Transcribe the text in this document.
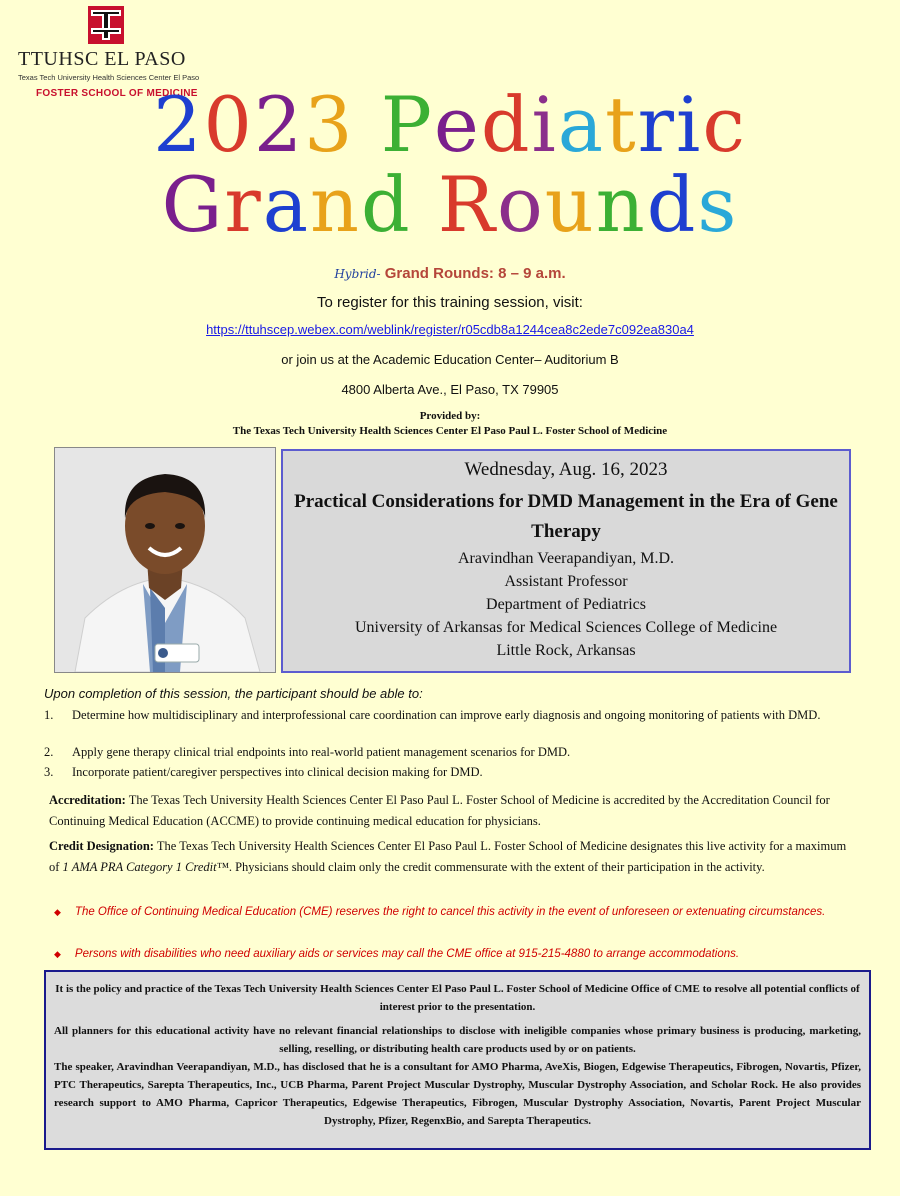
TTUHSC EL PASO
Texas Tech University Health Sciences Center El Paso
FOSTER SCHOOL OF MEDICINE
2023 Pediatric
Grand Rounds
Hybrid- Grand Rounds: 8 – 9 a.m.
To register for this training session, visit:
https://ttuhscep.webex.com/weblink/register/r05cdb8a1244cea8c2ede7c092ea830a4
or join us at the Academic Education Center– Auditorium B
4800 Alberta Ave., El Paso, TX 79905
Provided by:
The Texas Tech University Health Sciences Center El Paso Paul L. Foster School of Medicine
Wednesday, Aug. 16, 2023
Practical Considerations for DMD Management in the Era of Gene Therapy
Aravindhan Veerapandiyan, M.D.
Assistant Professor
Department of Pediatrics
University of Arkansas for Medical Sciences College of Medicine
Little Rock, Arkansas
Upon completion of this session, the participant should be able to:
1. Determine how multidisciplinary and interprofessional care coordination can improve early diagnosis and ongoing monitoring of patients with DMD.
2. Apply gene therapy clinical trial endpoints into real-world patient management scenarios for DMD.
3. Incorporate patient/caregiver perspectives into clinical decision making for DMD.
Accreditation: The Texas Tech University Health Sciences Center El Paso Paul L. Foster School of Medicine is accredited by the Accreditation Council for Continuing Medical Education (ACCME) to provide continuing medical education for physicians.
Credit Designation: The Texas Tech University Health Sciences Center El Paso Paul L. Foster School of Medicine designates this live activity for a maximum of 1 AMA PRA Category 1 Credit™. Physicians should claim only the credit commensurate with the extent of their participation in the activity.
◆ The Office of Continuing Medical Education (CME) reserves the right to cancel this activity in the event of unforeseen or extenuating circumstances.
◆ Persons with disabilities who need auxiliary aids or services may call the CME office at 915-215-4880 to arrange accommodations.
It is the policy and practice of the Texas Tech University Health Sciences Center El Paso Paul L. Foster School of Medicine Office of CME to resolve all potential conflicts of interest prior to the presentation.
All planners for this educational activity have no relevant financial relationships to disclose with ineligible companies whose primary business is producing, marketing, selling, reselling, or distributing health care products used by or on patients.
The speaker, Aravindhan Veerapandiyan, M.D., has disclosed that he is a consultant for AMO Pharma, AveXis, Biogen, Edgewise Therapeutics, Fibrogen, Novartis, Pfizer, PTC Therapeutics, Sarepta Therapeutics, Inc., UCB Pharma, Parent Project Muscular Dystrophy, Muscular Dystrophy Association, and Scholar Rock. He also provides research support to AMO Pharma, Capricor Therapeutics, Edgewise Therapeutics, Fibrogen, Muscular Dystrophy Association, Novartis, Parent Project Muscular Dystrophy, Pfizer, RegenxBio, and Sarepta Therapeutics.
